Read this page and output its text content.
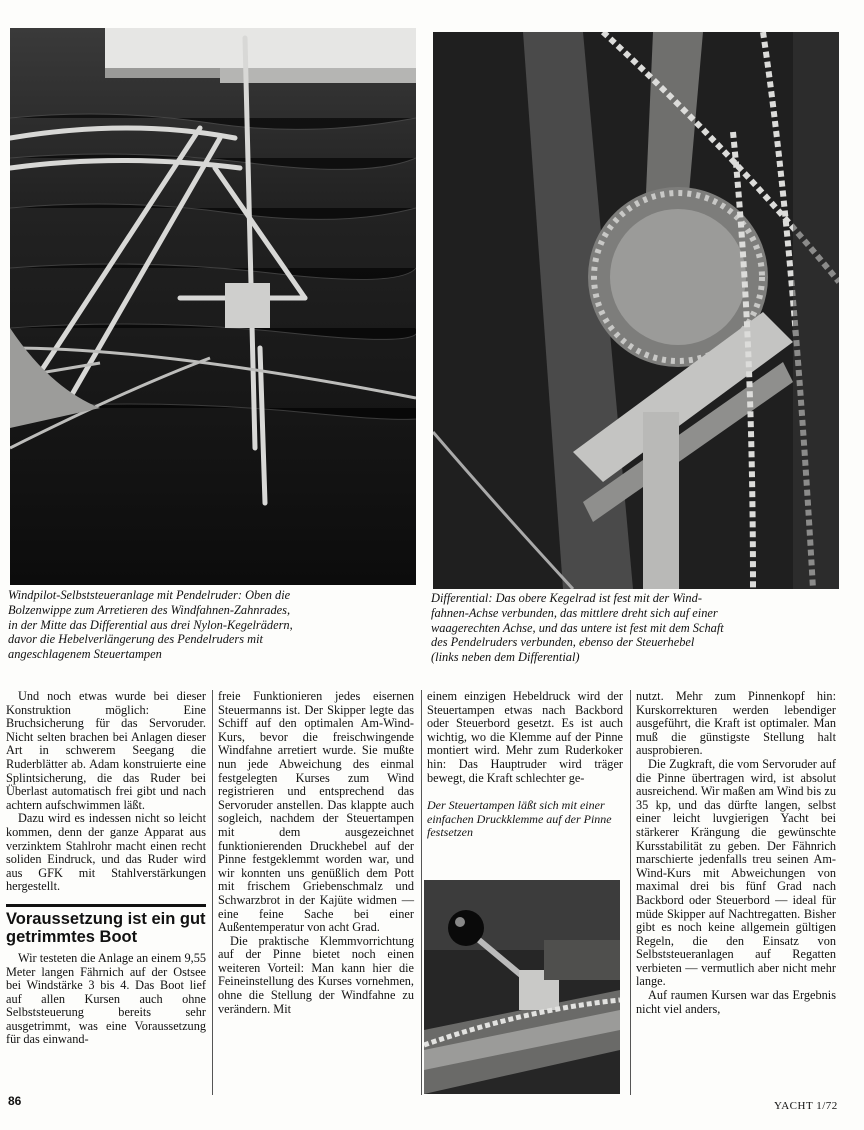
Windpilot-Selbststeueranlage mit Pendelruder: Oben die

Bolzenwippe zum Arretieren des Windfahnen-Zahnrades,

in der Mitte das Differential aus drei Nylon-Kegelrädern,

davor die Hebelverlängerung des Pendelruders mit

angeschlagenem Steuertampen

Differential: Das obere Kegelrad ist fest mit der Wind-

fahnen-Achse verbunden, das mittlere dreht sich auf einer

waagerechten Achse, und das untere ist fest mit dem Schaft

des Pendelruders verbunden, ebenso der Steuerhebel

(links neben dem Differential)

Und noch etwas wurde bei dieser Konstruktion möglich: Eine Bruchsicherung für das Servoruder. Nicht selten brachen bei Anlagen dieser Art in schwerem Seegang die Ruderblätter ab. Adam konstruierte eine Splintsicherung, die das Ruder bei Überlast automatisch frei gibt und nach achtern aufschwimmen läßt.

Dazu wird es indessen nicht so leicht kommen, denn der ganze Apparat aus verzinktem Stahlrohr macht einen recht soliden Eindruck, und das Ruder wird aus GFK mit Stahlverstärkungen hergestellt.

Voraussetzung ist ein gut getrimmtes Boot

Wir testeten die Anlage an einem 9,55 Meter langen Fährnich auf der Ostsee bei Windstärke 3 bis 4. Das Boot lief auf allen Kursen auch ohne Selbststeuerung bereits sehr ausgetrimmt, was eine Voraussetzung für das einwand-

freie Funktionieren jedes eisernen Steuermanns ist. Der Skipper legte das Schiff auf den optimalen Am-Wind-Kurs, bevor die freischwingende Windfahne arretiert wurde. Sie mußte nun jede Abweichung des einmal festgelegten Kurses zum Wind registrieren und entsprechend das Servoruder anstellen. Das klappte auch sogleich, nachdem der Steuertampen mit dem ausgezeichnet funktionierenden Druckhebel auf der Pinne festgeklemmt worden war, und wir konnten uns genüßlich dem Pott mit frischem Griebenschmalz und Schwarzbrot in der Kajüte widmen — eine feine Sache bei einer Außentemperatur von acht Grad.

Die praktische Klemmvorrichtung auf der Pinne bietet noch einen weiteren Vorteil: Man kann hier die Feineinstellung des Kurses vornehmen, ohne die Stellung der Windfahne zu verändern. Mit

einem einzigen Hebeldruck wird der Steuertampen etwas nach Backbord oder Steuerbord gesetzt. Es ist auch wichtig, wo die Klemme auf der Pinne montiert wird. Mehr zum Ruderkoker hin: Das Hauptruder wird träger bewegt, die Kraft schlechter ge-

Der Steuertampen läßt sich mit einer einfachen Druckklemme auf der Pinne festsetzen

nutzt. Mehr zum Pinnenkopf hin: Kurskorrekturen werden lebendiger ausgeführt, die Kraft ist optimaler. Man muß die günstigste Stellung halt ausprobieren.

Die Zugkraft, die vom Servoruder auf die Pinne übertragen wird, ist absolut ausreichend. Wir maßen am Wind bis zu 35 kp, und das dürfte langen, selbst einer leicht luvgierigen Yacht bei stärkerer Krängung die gewünschte Kursstabilität zu geben. Der Fähnrich marschierte jedenfalls treu seinen Am-Wind-Kurs mit Abweichungen von maximal drei bis fünf Grad nach Backbord oder Steuerbord — ideal für müde Skipper auf Nachtregatten. Bisher gibt es noch keine allgemein gültigen Regeln, die den Einsatz von Selbststeueranlagen auf Regatten verbieten — vermutlich aber nicht mehr lange.

Auf raumen Kursen war das Ergebnis nicht viel anders,

86	YACHT 1/72
